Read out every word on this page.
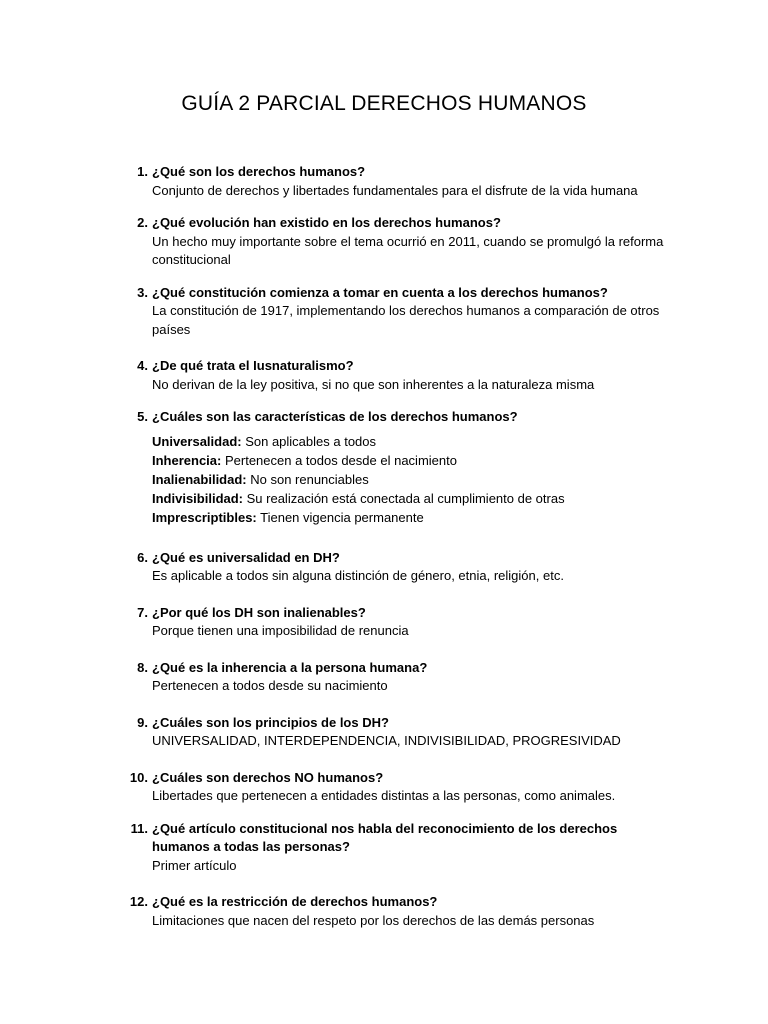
GUÍA 2 PARCIAL DERECHOS HUMANOS
1. ¿Qué son los derechos humanos?
Conjunto de derechos y libertades fundamentales para el disfrute de la vida humana
2. ¿Qué evolución han existido en los derechos humanos?
Un hecho muy importante sobre el tema ocurrió en 2011, cuando se promulgó la reforma constitucional
3. ¿Qué constitución comienza a tomar en cuenta a los derechos humanos?
La constitución de 1917, implementando los derechos humanos a comparación de otros países
4. ¿De qué trata el Iusnaturalismo?
No derivan de la ley positiva, si no que son inherentes a la naturaleza misma
5. ¿Cuáles son las características de los derechos humanos?
Universalidad: Son aplicables a todos
Inherencia: Pertenecen a todos desde el nacimiento
Inalienabilidad: No son renunciables
Indivisibilidad: Su realización está conectada al cumplimiento de otras
Imprescriptibles: Tienen vigencia permanente
6. ¿Qué es universalidad en DH?
Es aplicable a todos sin alguna distinción de género, etnia, religión, etc.
7. ¿Por qué los DH son inalienables?
Porque tienen una imposibilidad de renuncia
8. ¿Qué es la inherencia a la persona humana?
Pertenecen a todos desde su nacimiento
9. ¿Cuáles son los principios de los DH?
UNIVERSALIDAD, INTERDEPENDENCIA, INDIVISIBILIDAD, PROGRESIVIDAD
10. ¿Cuáles son derechos NO humanos?
Libertades que pertenecen a entidades distintas a las personas, como animales.
11. ¿Qué artículo constitucional nos habla del reconocimiento de los derechos humanos a todas las personas?
Primer artículo
12. ¿Qué es la restricción de derechos humanos?
Limitaciones que nacen del respeto por los derechos de las demás personas
